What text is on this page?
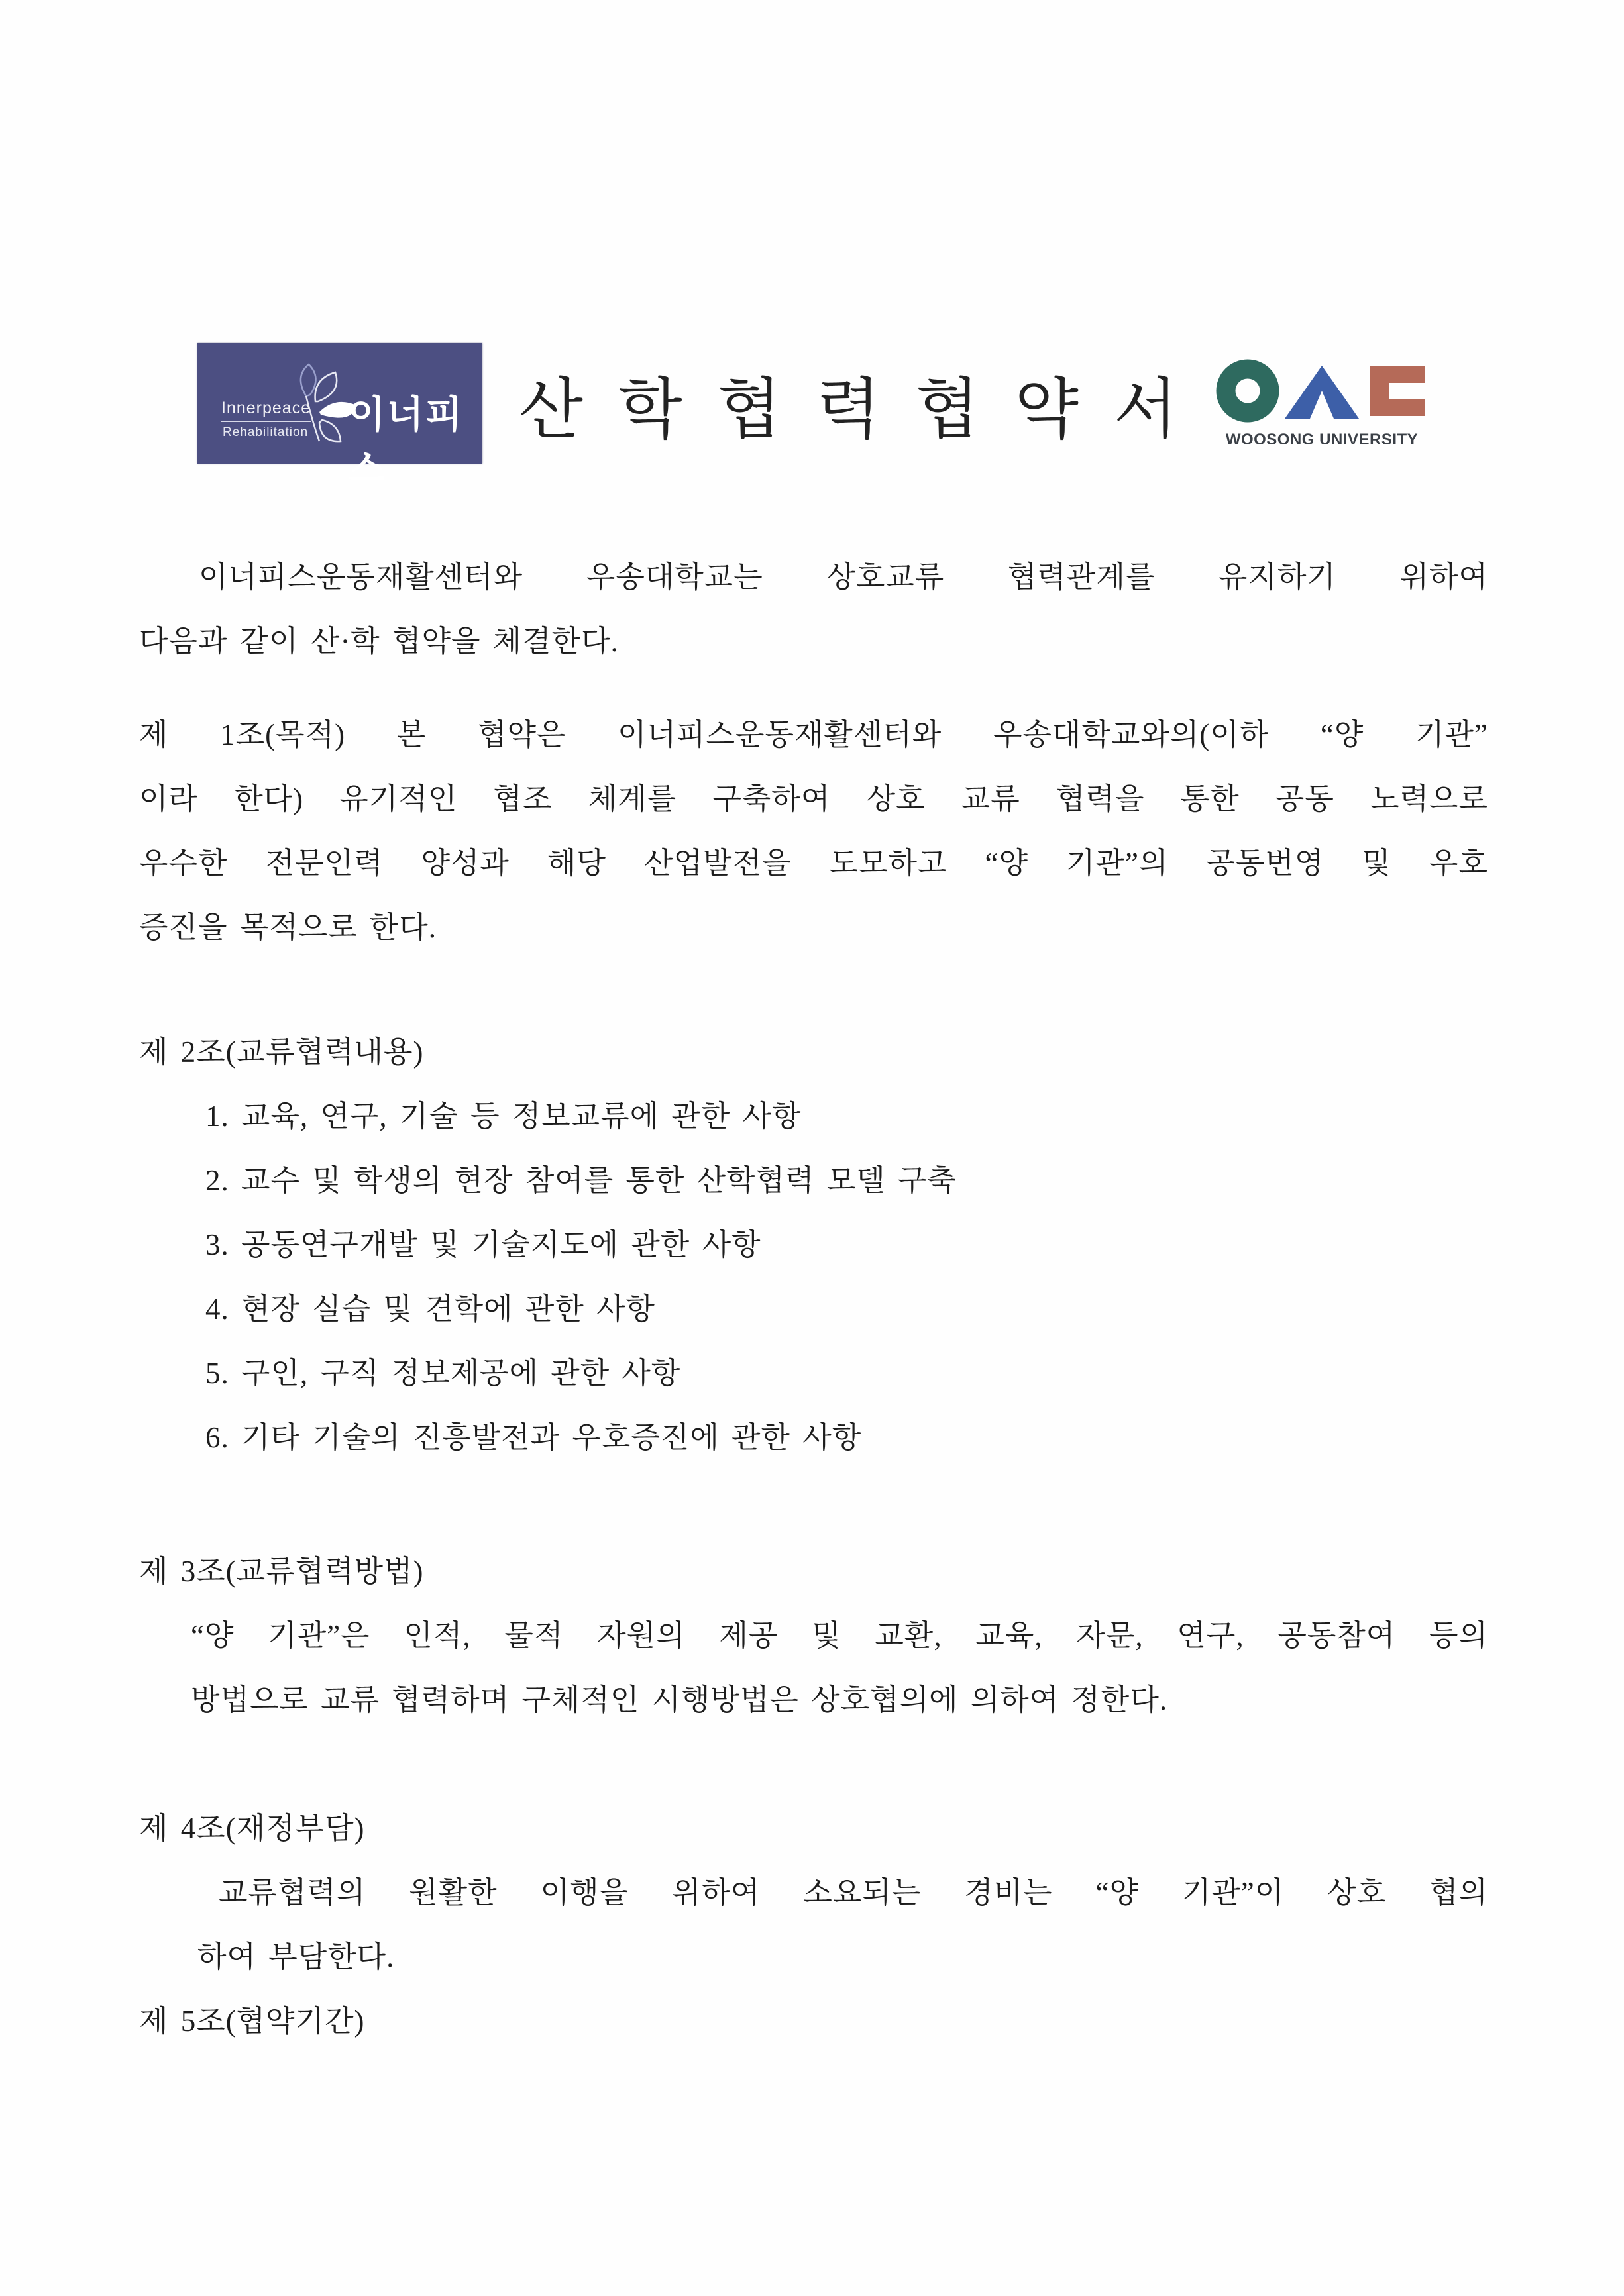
Innerpeace
Rehabilitation 이너피스
산 학 협 력 협 약 서	WOOSONG UNIVERSITY
이너피스운동재활센터와 우송대학교는 상호교류 협력관계를 유지하기 위하여
다음과 같이 산·학 협약을 체결한다.
제 1조(목적) 본 협약은 이너피스운동재활센터와 우송대학교와의(이하 “양 기관”
이라 한다) 유기적인 협조 체계를 구축하여 상호 교류 협력을 통한 공동 노력으로
우수한 전문인력 양성과 해당 산업발전을 도모하고 “양 기관”의 공동번영 및 우호
증진을 목적으로 한다.
제 2조(교류협력내용)
1. 교육, 연구, 기술 등 정보교류에 관한 사항
2. 교수 및 학생의 현장 참여를 통한 산학협력 모델 구축
3. 공동연구개발 및 기술지도에 관한 사항
4. 현장 실습 및 견학에 관한 사항
5. 구인, 구직 정보제공에 관한 사항
6. 기타 기술의 진흥발전과 우호증진에 관한 사항
제 3조(교류협력방법)
“양 기관”은 인적, 물적 자원의 제공 및 교환, 교육, 자문, 연구, 공동참여 등의
방법으로 교류 협력하며 구체적인 시행방법은 상호협의에 의하여 정한다.
제 4조(재정부담)
교류협력의 원활한 이행을 위하여 소요되는 경비는 “양 기관”이 상호 협의
하여 부담한다.
제 5조(협약기간)
